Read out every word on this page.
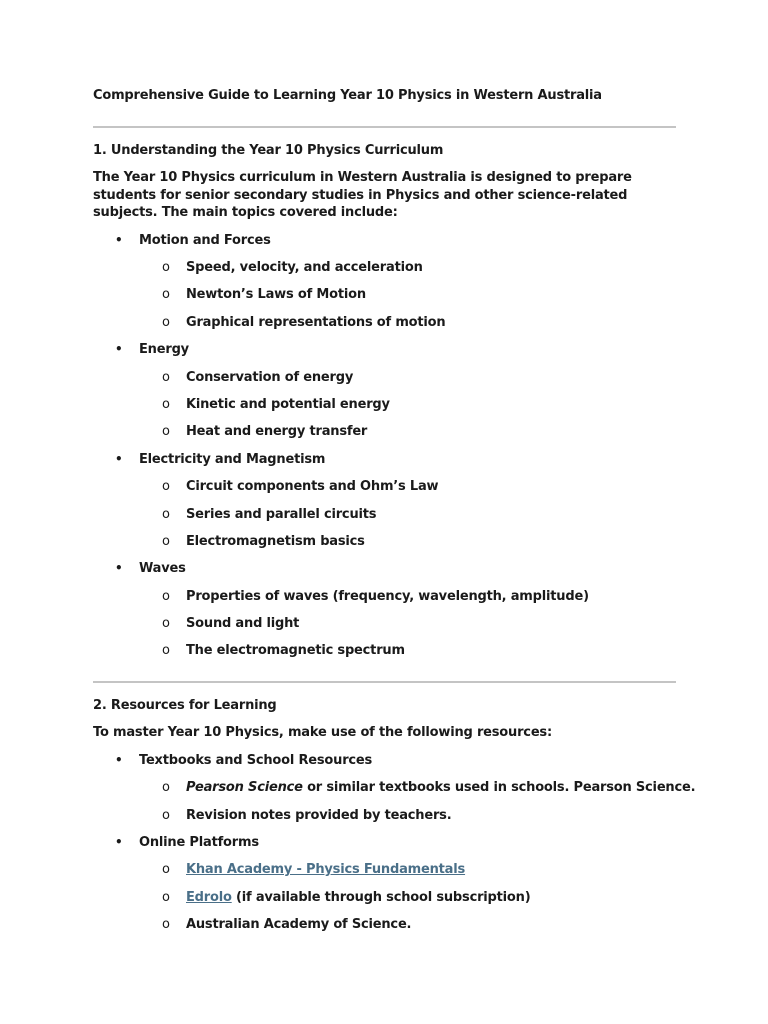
Comprehensive Guide to Learning Year 10 Physics in Western Australia
1. Understanding the Year 10 Physics Curriculum
The Year 10 Physics curriculum in Western Australia is designed to prepare students for senior secondary studies in Physics and other science-related subjects. The main topics covered include:
• Motion and Forces
o Speed, velocity, and acceleration
o Newton’s Laws of Motion
o Graphical representations of motion
• Energy
o Conservation of energy
o Kinetic and potential energy
o Heat and energy transfer
• Electricity and Magnetism
o Circuit components and Ohm’s Law
o Series and parallel circuits
o Electromagnetism basics
• Waves
o Properties of waves (frequency, wavelength, amplitude)
o Sound and light
o The electromagnetic spectrum
2. Resources for Learning
To master Year 10 Physics, make use of the following resources:
• Textbooks and School Resources
o Pearson Science or similar textbooks used in schools. Pearson Science.
o Revision notes provided by teachers.
• Online Platforms
o Khan Academy - Physics Fundamentals
o Edrolo (if available through school subscription)
o Australian Academy of Science.
